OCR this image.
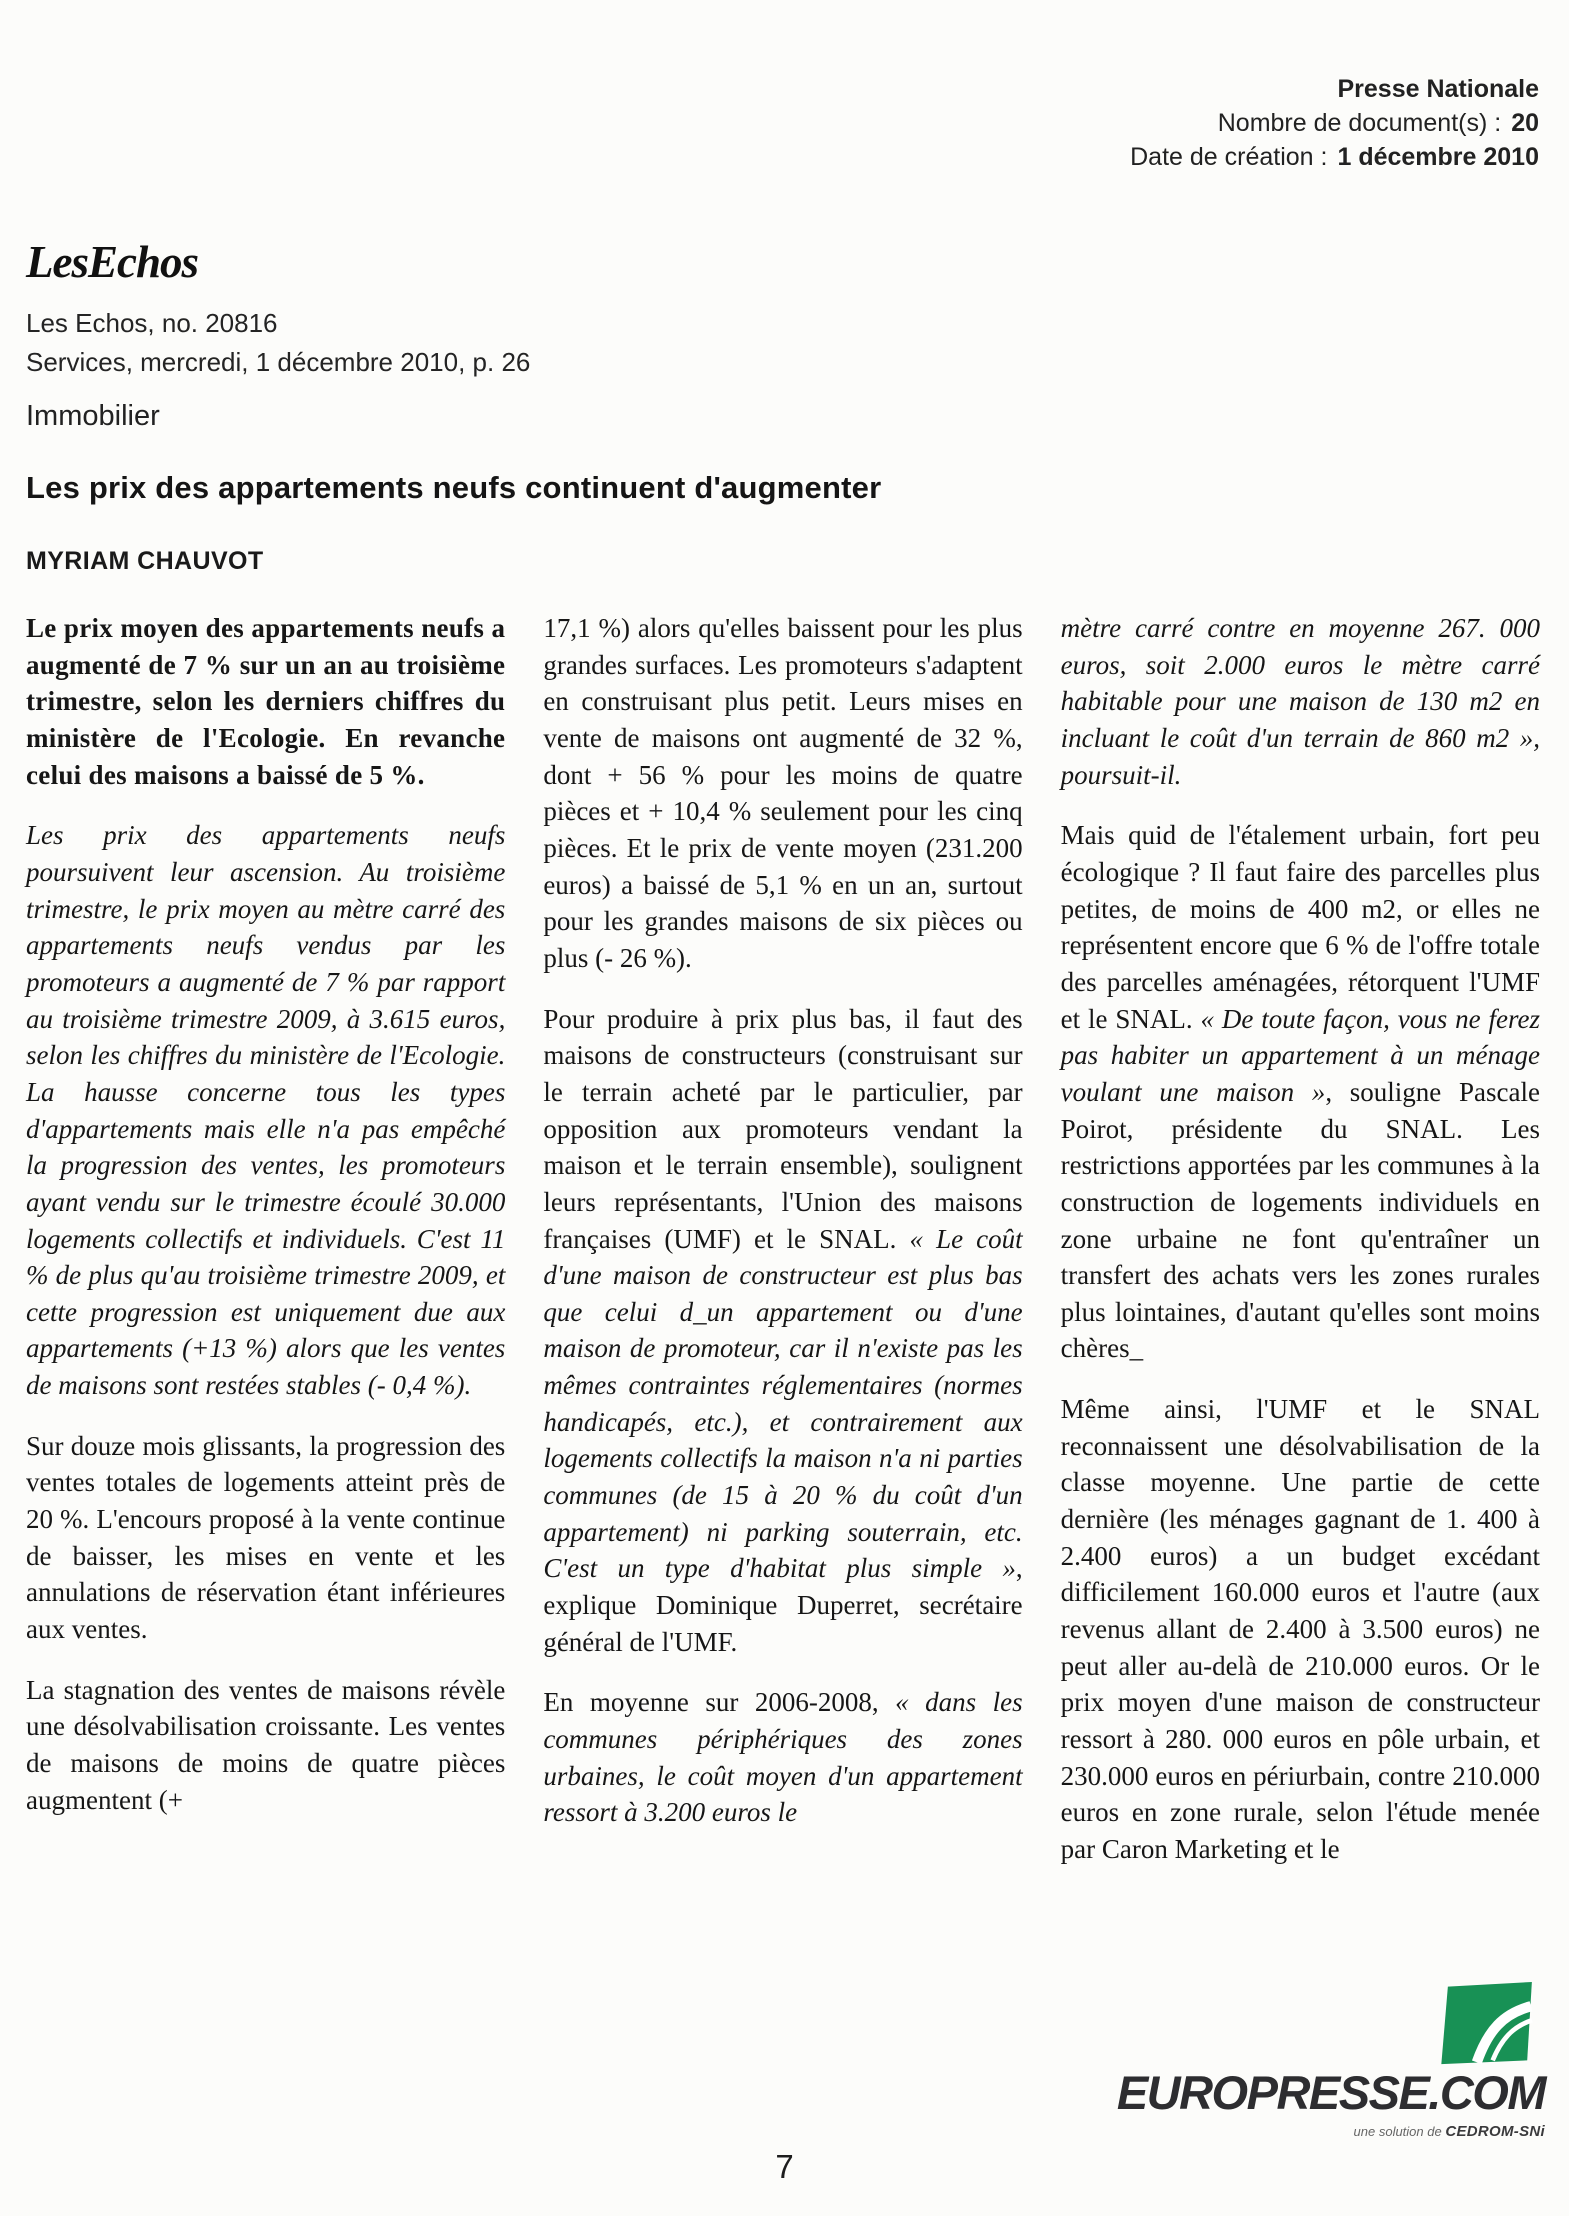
Presse Nationale
Nombre de document(s) : 20
Date de création : 1 décembre 2010
LesEchos
Les Echos, no. 20816
Services, mercredi, 1 décembre 2010, p. 26
Immobilier
Les prix des appartements neufs continuent d'augmenter
MYRIAM CHAUVOT

Le prix moyen des appartements neufs a augmenté de 7 % sur un an au troisième trimestre, selon les derniers chiffres du ministère de l'Ecologie. En revanche celui des maisons a baissé de 5 %.

Les prix des appartements neufs poursuivent leur ascension. Au troisième trimestre, le prix moyen au mètre carré des appartements neufs vendus par les promoteurs a augmenté de 7 % par rapport au troisième trimestre 2009, à 3.615 euros, selon les chiffres du ministère de l'Ecologie. La hausse concerne tous les types d'appartements mais elle n'a pas empêché la progression des ventes, les promoteurs ayant vendu sur le trimestre écoulé 30.000 logements collectifs et individuels. C'est 11 % de plus qu'au troisième trimestre 2009, et cette progression est uniquement due aux appartements (+13 %) alors que les ventes de maisons sont restées stables (- 0,4 %).

Sur douze mois glissants, la progression des ventes totales de logements atteint près de 20 %. L'encours proposé à la vente continue de baisser, les mises en vente et les annulations de réservation étant inférieures aux ventes.

La stagnation des ventes de maisons révèle une désolvabilisation croissante. Les ventes de maisons de moins de quatre pièces augmentent (+

17,1 %) alors qu'elles baissent pour les plus grandes surfaces. Les promoteurs s'adaptent en construisant plus petit. Leurs mises en vente de maisons ont augmenté de 32 %, dont + 56 % pour les moins de quatre pièces et + 10,4 % seulement pour les cinq pièces. Et le prix de vente moyen (231.200 euros) a baissé de 5,1 % en un an, surtout pour les grandes maisons de six pièces ou plus (- 26 %).

Pour produire à prix plus bas, il faut des maisons de constructeurs (construisant sur le terrain acheté par le particulier, par opposition aux promoteurs vendant la maison et le terrain ensemble), soulignent leurs représentants, l'Union des maisons françaises (UMF) et le SNAL. « Le coût d'une maison de constructeur est plus bas que celui d_un appartement ou d'une maison de promoteur, car il n'existe pas les mêmes contraintes réglementaires (normes handicapés, etc.), et contrairement aux logements collectifs la maison n'a ni parties communes (de 15 à 20 % du coût d'un appartement) ni parking souterrain, etc. C'est un type d'habitat plus simple », explique Dominique Duperret, secrétaire général de l'UMF.

En moyenne sur 2006-2008, « dans les communes périphériques des zones urbaines, le coût moyen d'un appartement ressort à 3.200 euros le

mètre carré contre en moyenne 267. 000 euros, soit 2.000 euros le mètre carré habitable pour une maison de 130 m2 en incluant le coût d'un terrain de 860 m2 », poursuit-il.

Mais quid de l'étalement urbain, fort peu écologique ? Il faut faire des parcelles plus petites, de moins de 400 m2, or elles ne représentent encore que 6 % de l'offre totale des parcelles aménagées, rétorquent l'UMF et le SNAL. « De toute façon, vous ne ferez pas habiter un appartement à un ménage voulant une maison », souligne Pascale Poirot, présidente du SNAL. Les restrictions apportées par les communes à la construction de logements individuels en zone urbaine ne font qu'entraîner un transfert des achats vers les zones rurales plus lointaines, d'autant qu'elles sont moins chères_

Même ainsi, l'UMF et le SNAL reconnaissent une désolvabilisation de la classe moyenne. Une partie de cette dernière (les ménages gagnant de 1. 400 à 2.400 euros) a un budget excédant difficilement 160.000 euros et l'autre (aux revenus allant de 2.400 à 3.500 euros) ne peut aller au-delà de 210.000 euros. Or le prix moyen d'une maison de constructeur ressort à 280. 000 euros en pôle urbain, et 230.000 euros en périurbain, contre 210.000 euros en zone rurale, selon l'étude menée par Caron Marketing et le

EUROPRESSE.COM
une solution de CEDROM-SNi
7
